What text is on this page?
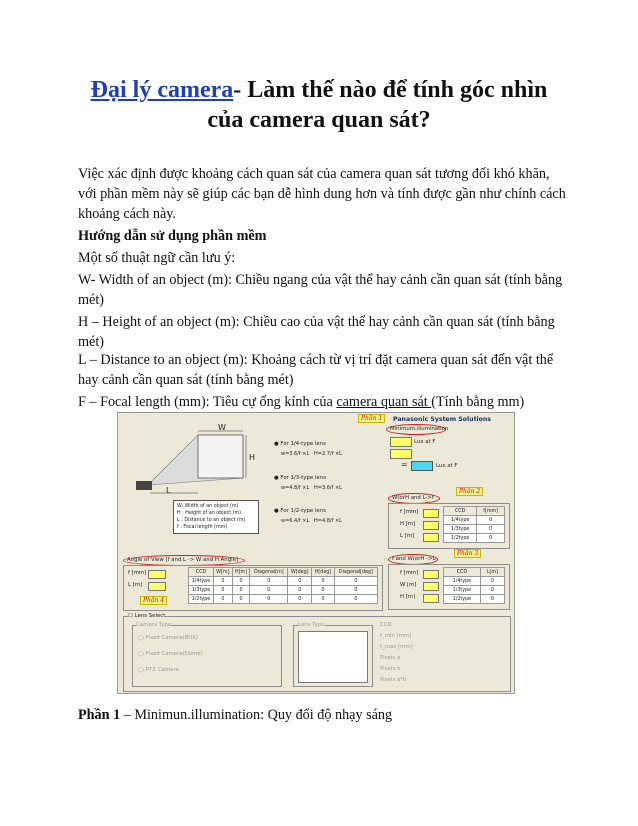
Đại lý camera- Làm thế nào để tính góc nhìn
của camera quan sát?
Việc xác định được khoảng cách quan sát của camera quan sát tương đối khó khăn, với phần mềm này sẽ giúp các bạn dễ hình dung hơn và tính được gần như chính cách khoảng cách này.
Hướng dẫn sử dụng phần mềm
Một số thuật ngữ cần lưu ý:
W- Width of an object (m): Chiều ngang của vật thể hay cảnh cần quan sát (tính bằng mét)
H – Height of an object (m): Chiều cao của vật thể hay cảnh cần quan sát (tính bằng mét)
L – Distance to an object (m): Khoảng cách từ vị trí đặt camera quan sát đến vật thể hay cảnh cần quan sát (tính bằng mét)
F – Focal length (mm): Tiêu cự ống kính của camera quan sát (Tính bằng mm)
Panasonic System Solutions
W
H
L
W: Width of an object (m)
H : Height of an object (m)
L : Distance to an object (m)
f : Focal length (mm)
● For 1/4-type lens
w=3.6/f ×L   H=2.7/f ×L
● For 1/3-type lens
w=4.8/f ×L   H=3.6/f ×L
● For 1/2-type lens
w=6.4/f ×L   H=4.8/f ×L
Phần 1
Minimum.illumination
Lux at F
=	Lux at F
W(orH and L->f
Phần 2
f [mm]
H [m]
L [m]
CCD	f[mm]
1/4type	0
1/3type	0
1/2type	0
f and W(orH ->L
Phần 3
f [mm]
W [m]
H [m]
CCD	L[m]
1/4type	0
1/3type	0
1/2type	0
Angle of View [f and L -> W and H Angle]
f [mm]
L [m]
Phần 4
CCD	W[m]	H[m]	Diagonal[m]	W[deg]	H[deg]	Diagonal[deg]
1/4type	0	0	0	0	0	0
1/3type	0	0	0	0	0	0
1/2type	0	0	0	0	0	0
☐ Lens Select
Camera Type
◯ Fixed Camera(BOX)
◯ Fixed Camera(Dome)
◯ PTZ Camera
Lens Type	CCD
f_min [mm]
f_max [mm]
Pixels a
Pixels b
Pixels a*b
Phần 1 – Minimun.illumination: Quy đổi độ nhạy sáng
